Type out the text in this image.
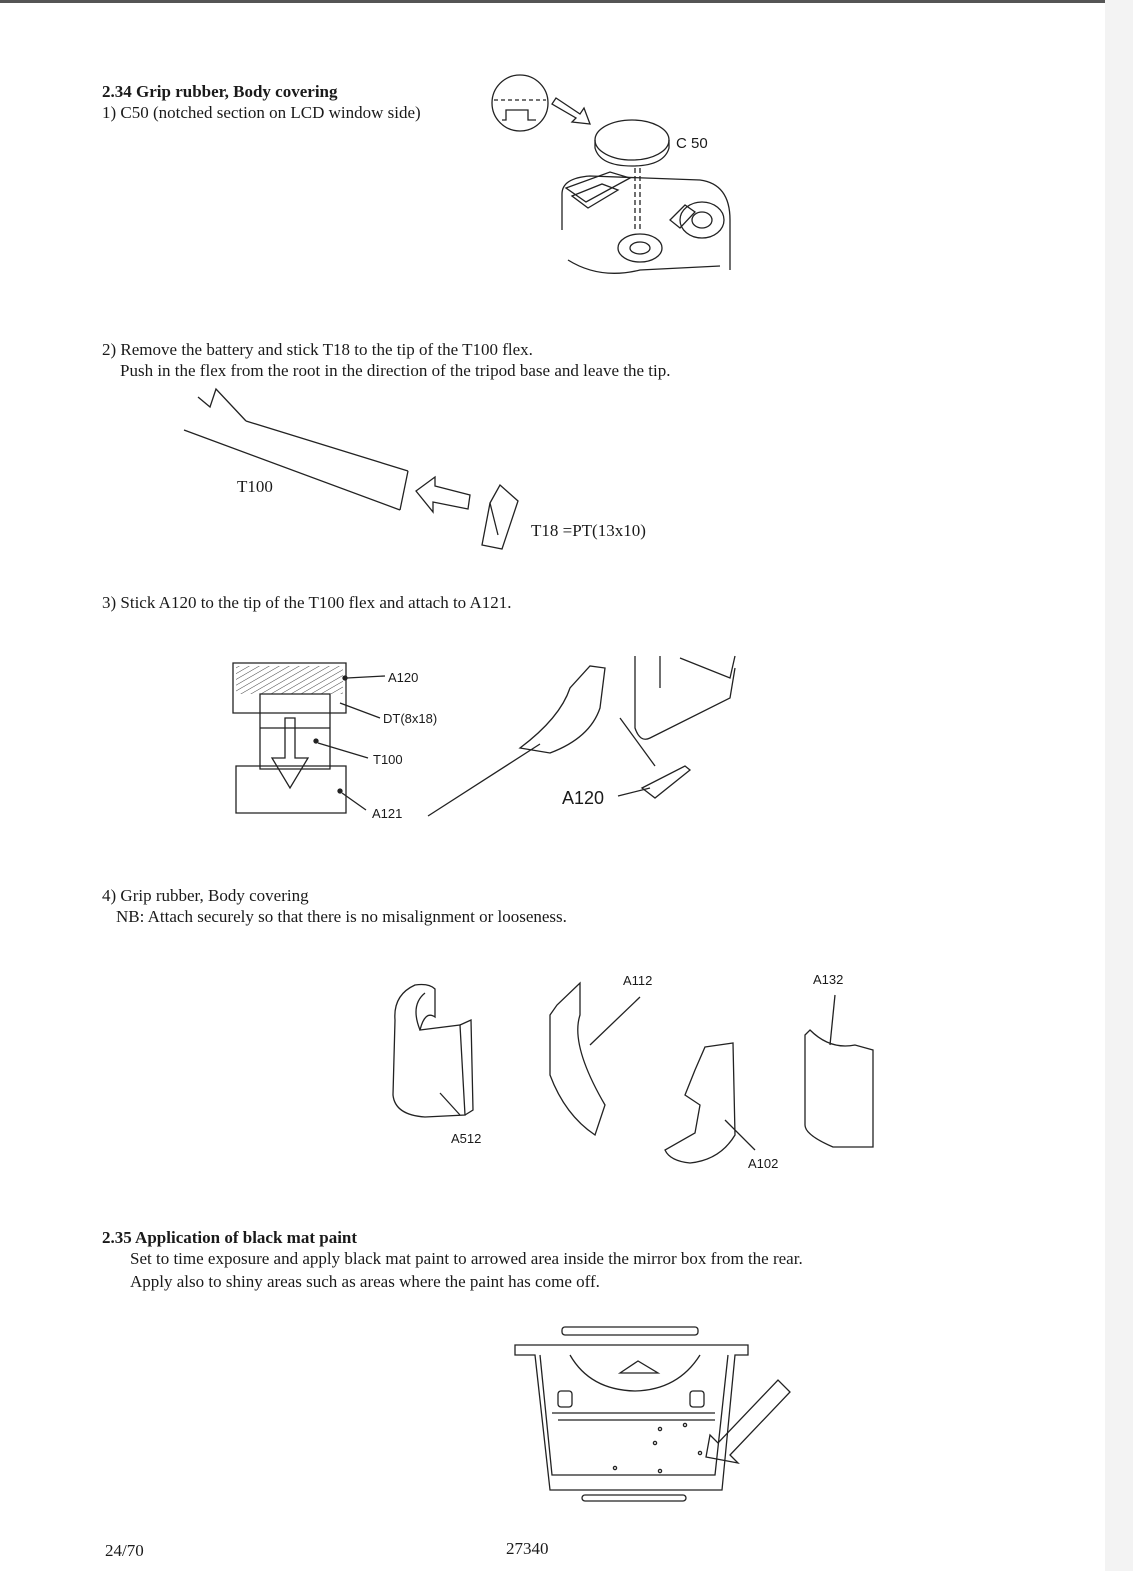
2.34 Grip rubber, Body covering
1) C50 (notched section on LCD window side)
C 50
2) Remove the battery and stick T18 to the tip of the T100 flex.
Push in the flex from the root in the direction of the tripod base and leave the tip.
T100
T18 =PT(13x10)
3) Stick A120 to the tip of the T100 flex and attach to A121.
A120
DT(8x18)
T100
A121
A120
4) Grip rubber, Body covering
NB: Attach securely so that there is no misalignment or looseness.
A512
A112
A102
A132
2.35 Application of black mat paint
Set to time exposure and apply black mat paint to arrowed area inside the mirror box from the rear.
Apply also to shiny areas such as areas where the paint has come off.
24/70	27340
